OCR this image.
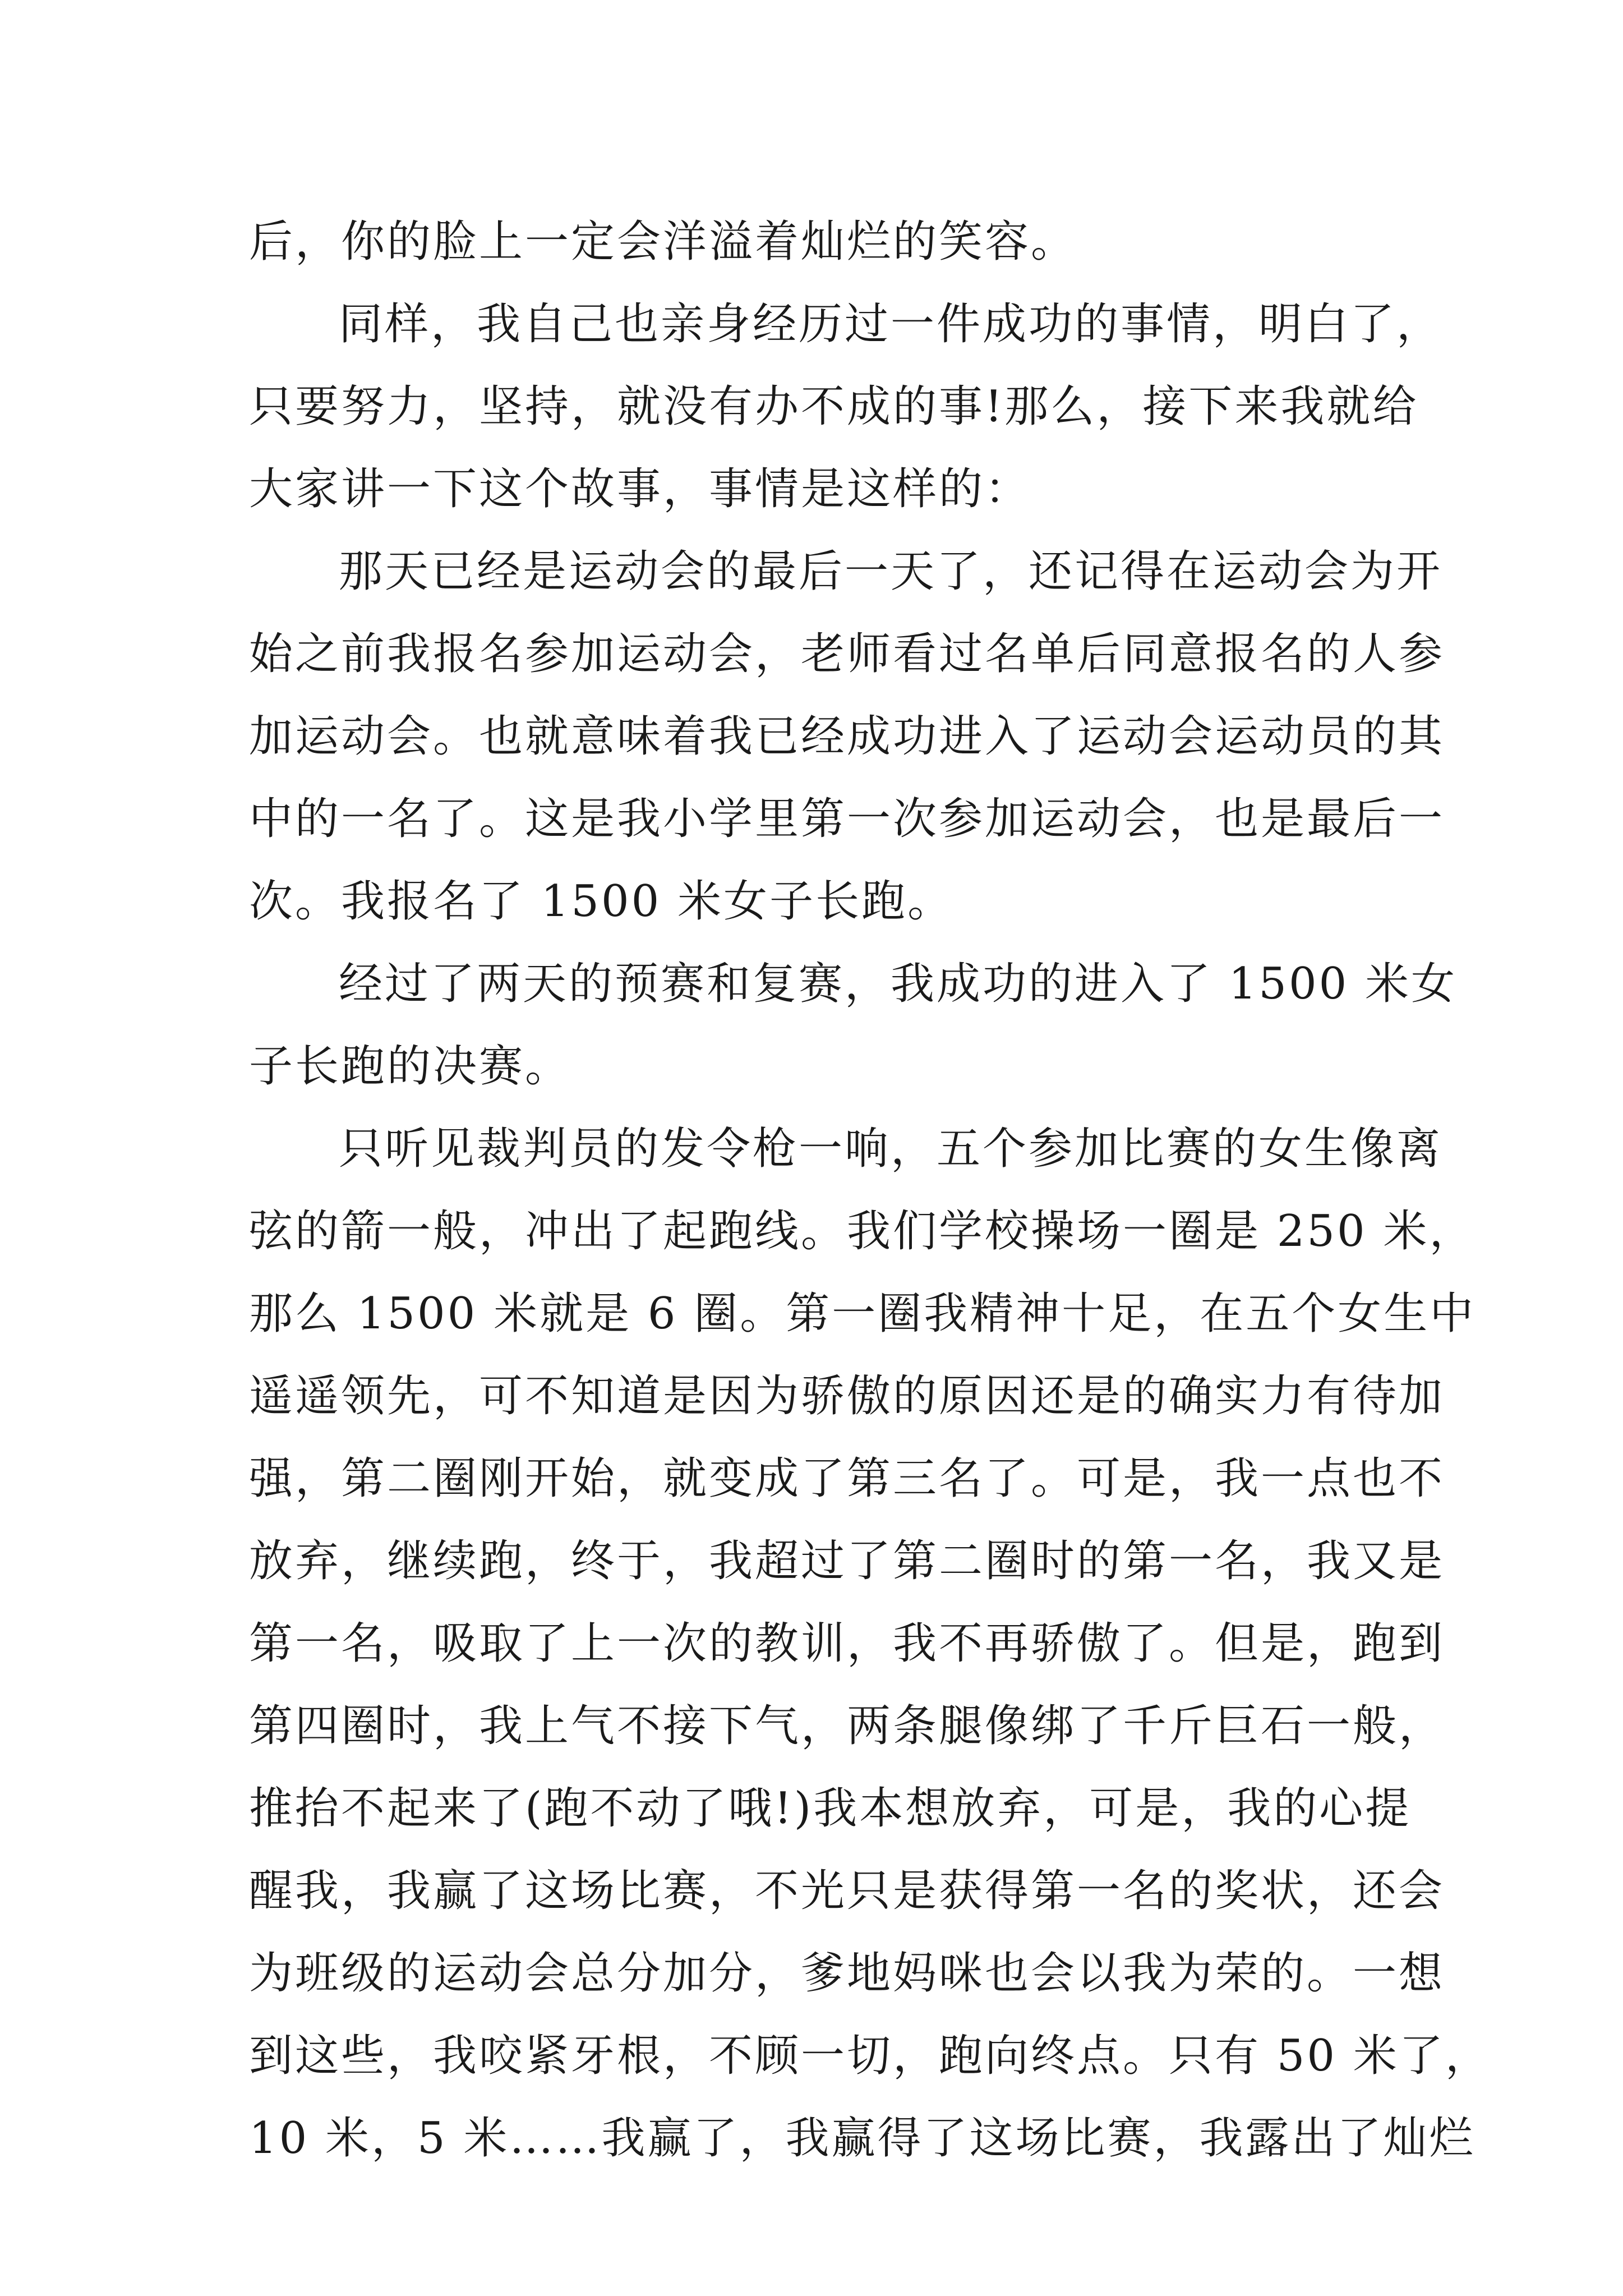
后，你的脸上一定会洋溢着灿烂的笑容。
同样，我自己也亲身经历过一件成功的事情，明白了，
只要努力，坚持，就没有办不成的事!那么，接下来我就给
大家讲一下这个故事，事情是这样的：
那天已经是运动会的最后一天了，还记得在运动会为开
始之前我报名参加运动会，老师看过名单后同意报名的人参
加运动会。也就意味着我已经成功进入了运动会运动员的其
中的一名了。这是我小学里第一次参加运动会，也是最后一
次。我报名了 1500 米女子长跑。
经过了两天的预赛和复赛，我成功的进入了 1500 米女
子长跑的决赛。
只听见裁判员的发令枪一响，五个参加比赛的女生像离
弦的箭一般，冲出了起跑线。我们学校操场一圈是 250 米，
那么 1500 米就是 6 圈。第一圈我精神十足，在五个女生中
遥遥领先，可不知道是因为骄傲的原因还是的确实力有待加
强，第二圈刚开始，就变成了第三名了。可是，我一点也不
放弃，继续跑，终于，我超过了第二圈时的第一名，我又是
第一名，吸取了上一次的教训，我不再骄傲了。但是，跑到
第四圈时，我上气不接下气，两条腿像绑了千斤巨石一般，
推抬不起来了(跑不动了哦!)我本想放弃，可是，我的心提
醒我，我赢了这场比赛，不光只是获得第一名的奖状，还会
为班级的运动会总分加分，爹地妈咪也会以我为荣的。一想
到这些，我咬紧牙根，不顾一切，跑向终点。只有 50 米了，
10 米，5 米……我赢了，我赢得了这场比赛，我露出了灿烂
